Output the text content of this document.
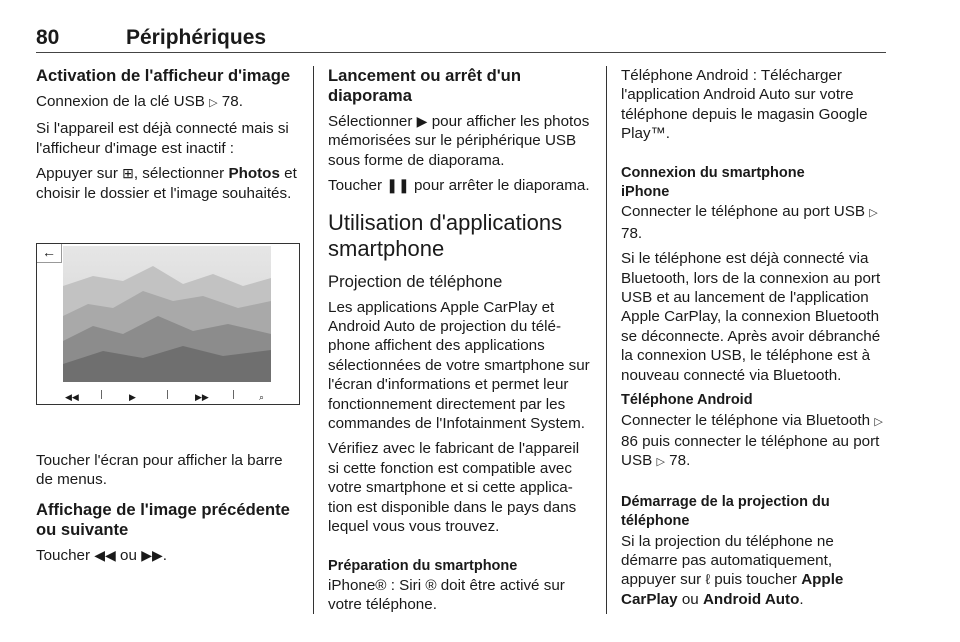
80	Périphériques
Activation de l'afficheur d'image

Connexion de la clé USB ▷ 78.

Si l'appareil est déjà connecté mais si l'afficheur d'image est inactif :

Appuyer sur ⊞, sélectionner Photos et choisir le dossier et l'image souhaités.

←
◀◀	▶	▶▶	⌕

Toucher l'écran pour afficher la barre de menus.

Affichage de l'image précédente ou suivante

Toucher ◀◀ ou ▶▶.

Lancement ou arrêt d'un diaporama

Sélectionner ▶ pour afficher les photos mémorisées sur le périphérique USB sous forme de diaporama.

Toucher ❚❚ pour arrêter le diaporama.

Utilisation d'applications smartphone
Projection de téléphone

Les applications Apple CarPlay et Android Auto de projection du téléphone affichent des applications sélectionnées de votre smartphone sur l'écran d'informations et permet leur fonctionnement directement par les commandes de l'Infotainment System.

Vérifiez avec le fabricant de l'appareil si cette fonction est compatible avec votre smartphone et si cette application est disponible dans le pays dans lequel vous vous trouvez.

Préparation du smartphone

iPhone® : Siri ® doit être activé sur votre téléphone.

Téléphone Android : Télécharger l'application Android Auto sur votre téléphone depuis le magasin Google Play™.

Connexion du smartphone

iPhone

Connecter le téléphone au port USB ▷ 78.

Si le téléphone est déjà connecté via Bluetooth, lors de la connexion au port USB et au lancement de l'application Apple CarPlay, la connexion Bluetooth se déconnecte. Après avoir débranché la connexion USB, le téléphone est à nouveau connecté via Bluetooth.

Téléphone Android

Connecter le téléphone via Bluetooth ▷ 86 puis connecter le téléphone au port USB ▷ 78.

Démarrage de la projection du téléphone

Si la projection du téléphone ne démarre pas automatiquement, appuyer sur ℓ puis toucher Apple CarPlay ou Android Auto.
